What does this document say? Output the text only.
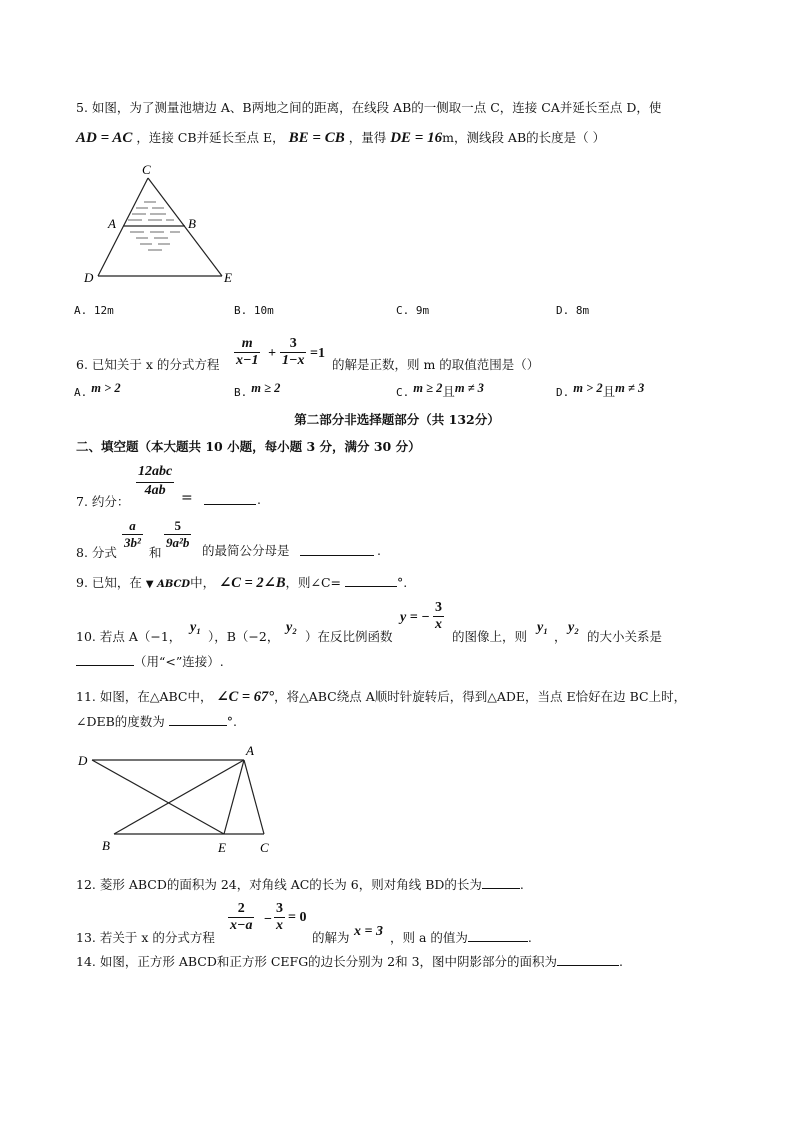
5. 如图，为了测量池塘边 A、B两地之间的距离，在线段 AB的一侧取一点 C，连接 CA并延长至点 D，使
AD = AC ，连接 CB并延长至点 E， BE = CB ，量得 DE = 16m，测线段 AB的长度是（ ）
C
A	B
D	E
A. 12m	B. 10m	C. 9m	D. 8m
6. 已知关于 x 的分式方程 $\frac{m}{x-1} + \frac{3}{1-x} =1$
的解是正数，则 m 的取值范围是（）
A. m > 2	B. m ≥ 2	C. m ≥ 2且m ≠ 3	D. m > 2且m ≠ 3
第二部分非选择题部分（共 132分）
二、填空题（本大题共 10 小题，每小题 3 分，满分 30 分）
12abc
4ab
7. 约分：	=	.
8. 分式
$\frac{a}{\text{3b²}}$
和
$\frac{5}{\text{9a²b}}$ 的最简公分母是	.
9. 已知，在 ▼ ABCD中， ∠C = 2∠B，则∠C=	°.
10. 若点 A（−1，
y₁
），B（−2，
y₂
）在反比例函数
y = − $\frac{3}{x}$
的图像上，则
y₁
，
y₂
的大小关系是
（用“<”连接）.
11. 如图，在△ABC中， ∠C = 67°，将△ABC绕点 A顺时针旋转后，得到△ADE，当点 E恰好在边 BC上时，
∠DEB的度数为	°.
D
A
B	E	C
12. 菱形 ABCD的面积为 24，对角线 AC的长为 6，则对角线 BD的长为	.
13. 若关于 x 的分式方程
$\frac{2}{x-a} - \frac{3}{x} = 0$
的解为 x = 3 ，则 a 的值为	.
14. 如图，正方形 ABCD和正方形 CEFG的边长分别为 2和 3，图中阴影部分的面积为	.
